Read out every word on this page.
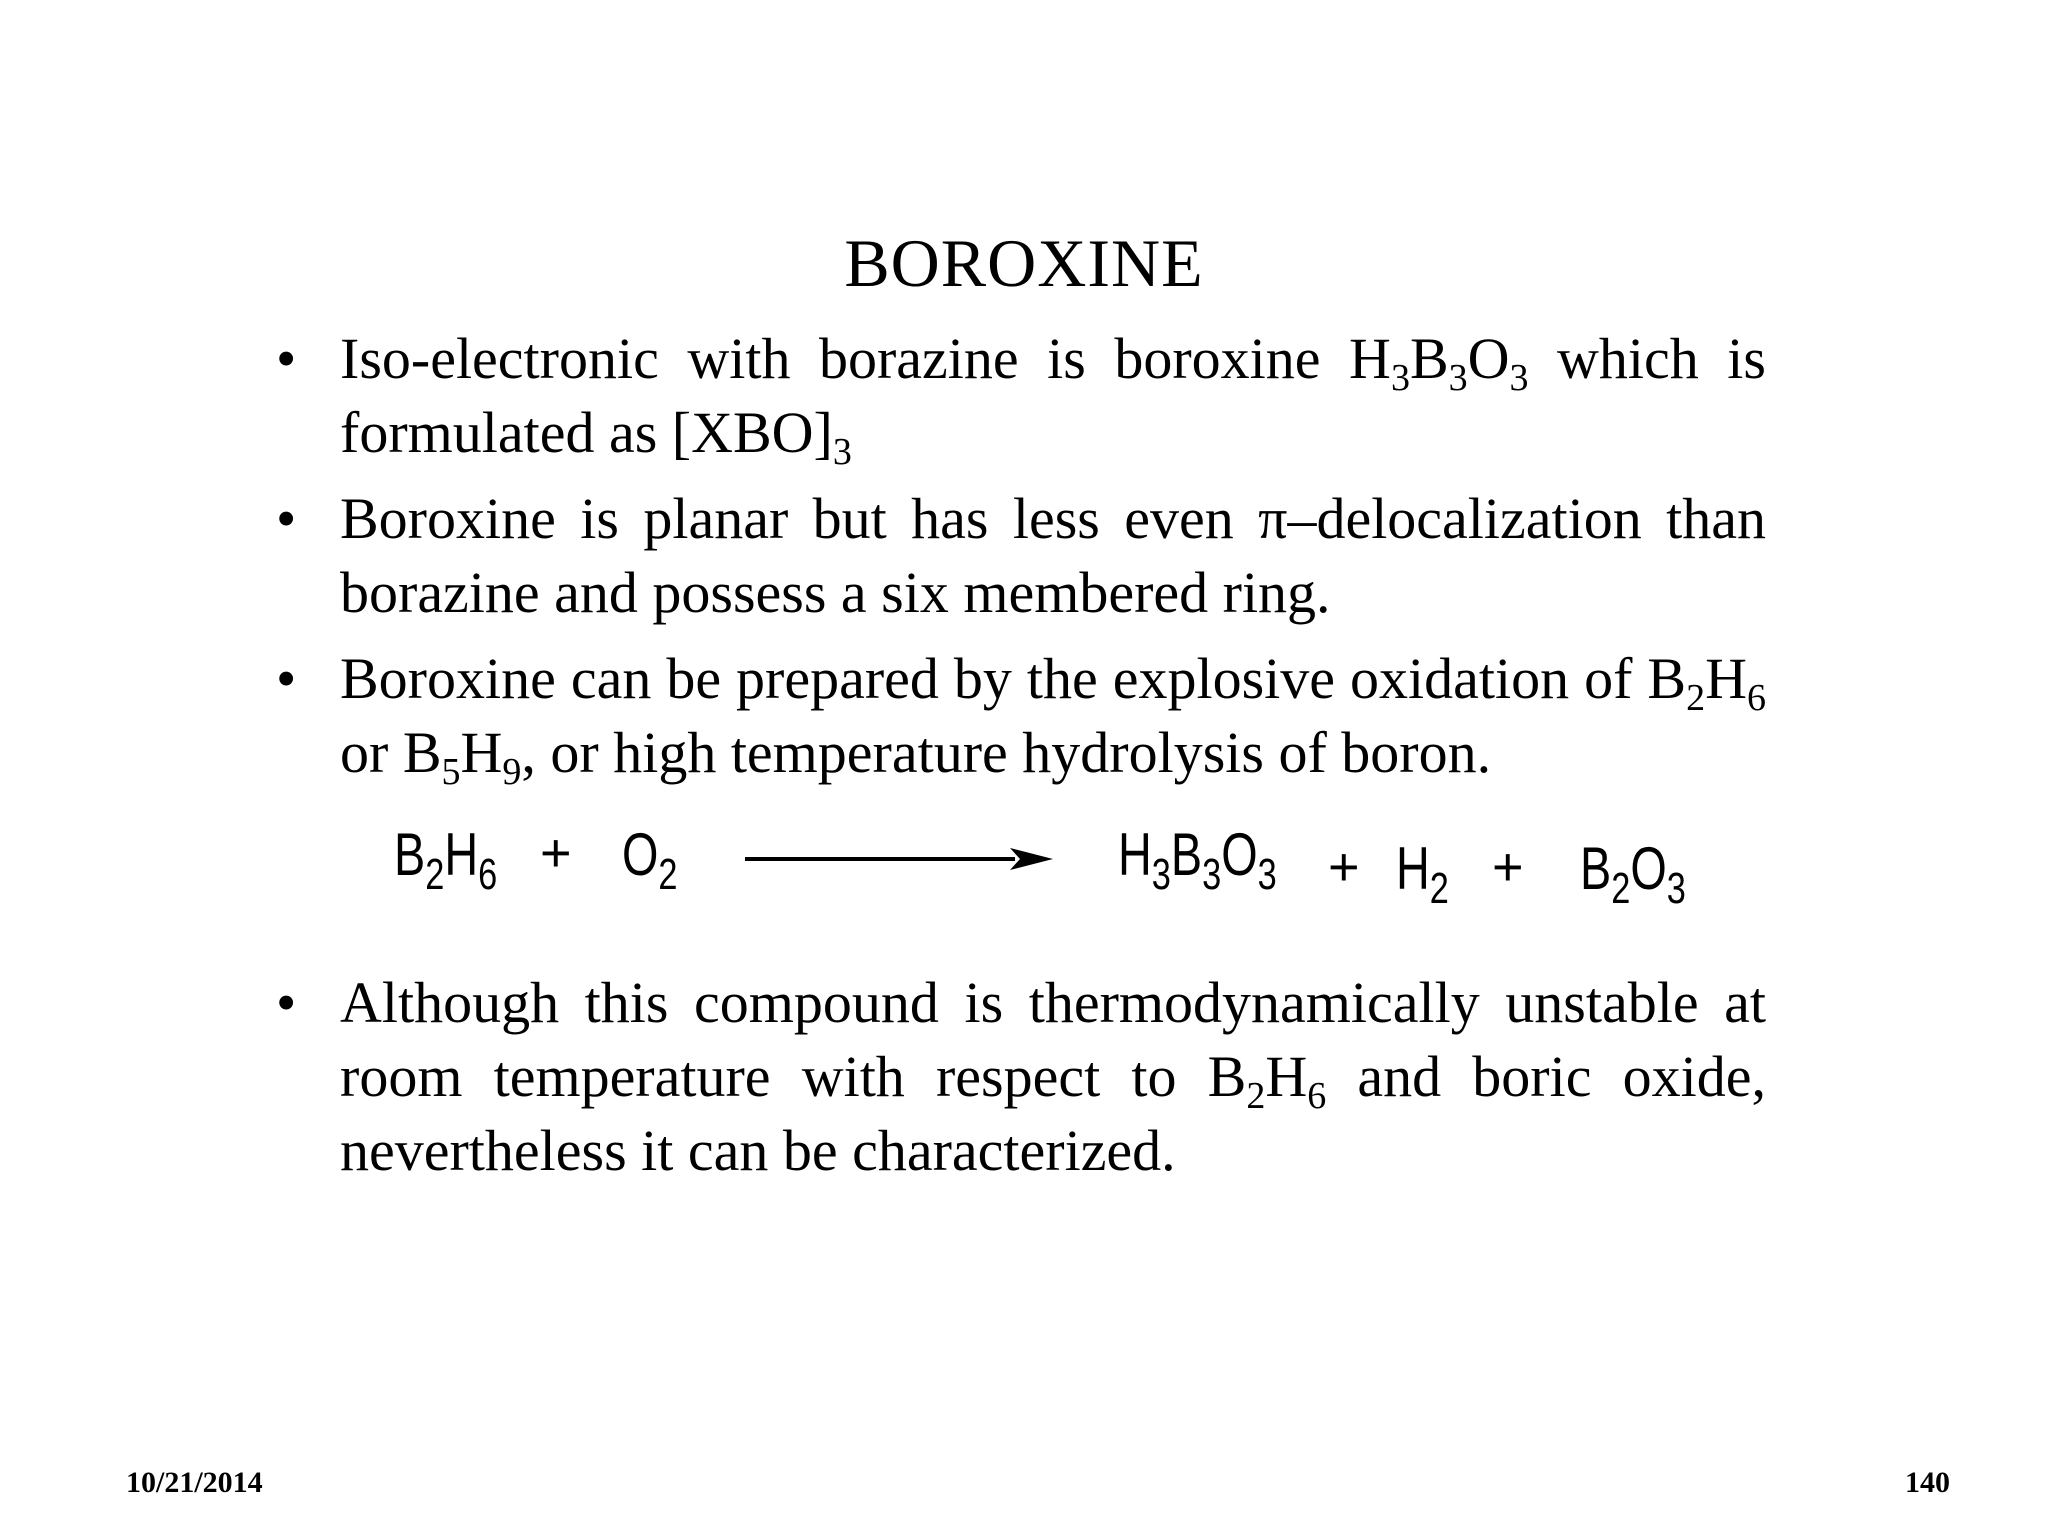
BOROXINE
• Iso-electronic with borazine is boroxine $H_3B_3O_3$ which is formulated as $[XBO]_3$
• Boroxine is planar but has less even π–delocalization than borazine and possess a six membered ring.
• Boroxine can be prepared by the explosive oxidation of $B_2H_6$ or $B_5H_9$, or high temperature hydrolysis of boron.
• Although this compound is thermodynamically unstable at room temperature with respect to $B_2H_6$ and boric oxide, nevertheless it can be characterized.
$B_2H_6 + O_2$	$H_3B_3O_3 + H_2 + B_2O_3$
10/21/2014	140
